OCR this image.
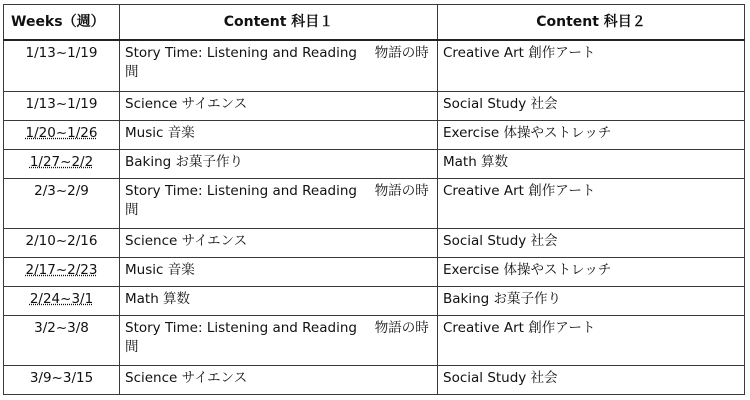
Weeks（週）	Content 科目１	Content 科目２
1/13~1/19	Story Time: Listening and Reading　 物語の時間	Creative Art 創作アート
1/13~1/19	Science サイエンス	Social Study 社会
1/20~1/26	Music 音楽	Exercise 体操やストレッチ
1/27~2/2	Baking お菓子作り	Math 算数
2/3~2/9	Story Time: Listening and Reading　 物語の時間	Creative Art 創作アート
2/10~2/16	Science サイエンス	Social Study 社会
2/17~2/23	Music 音楽	Exercise 体操やストレッチ
2/24~3/1	Math 算数	Baking お菓子作り
3/2~3/8	Story Time: Listening and Reading　 物語の時間	Creative Art 創作アート
3/9~3/15	Science サイエンス	Social Study 社会
